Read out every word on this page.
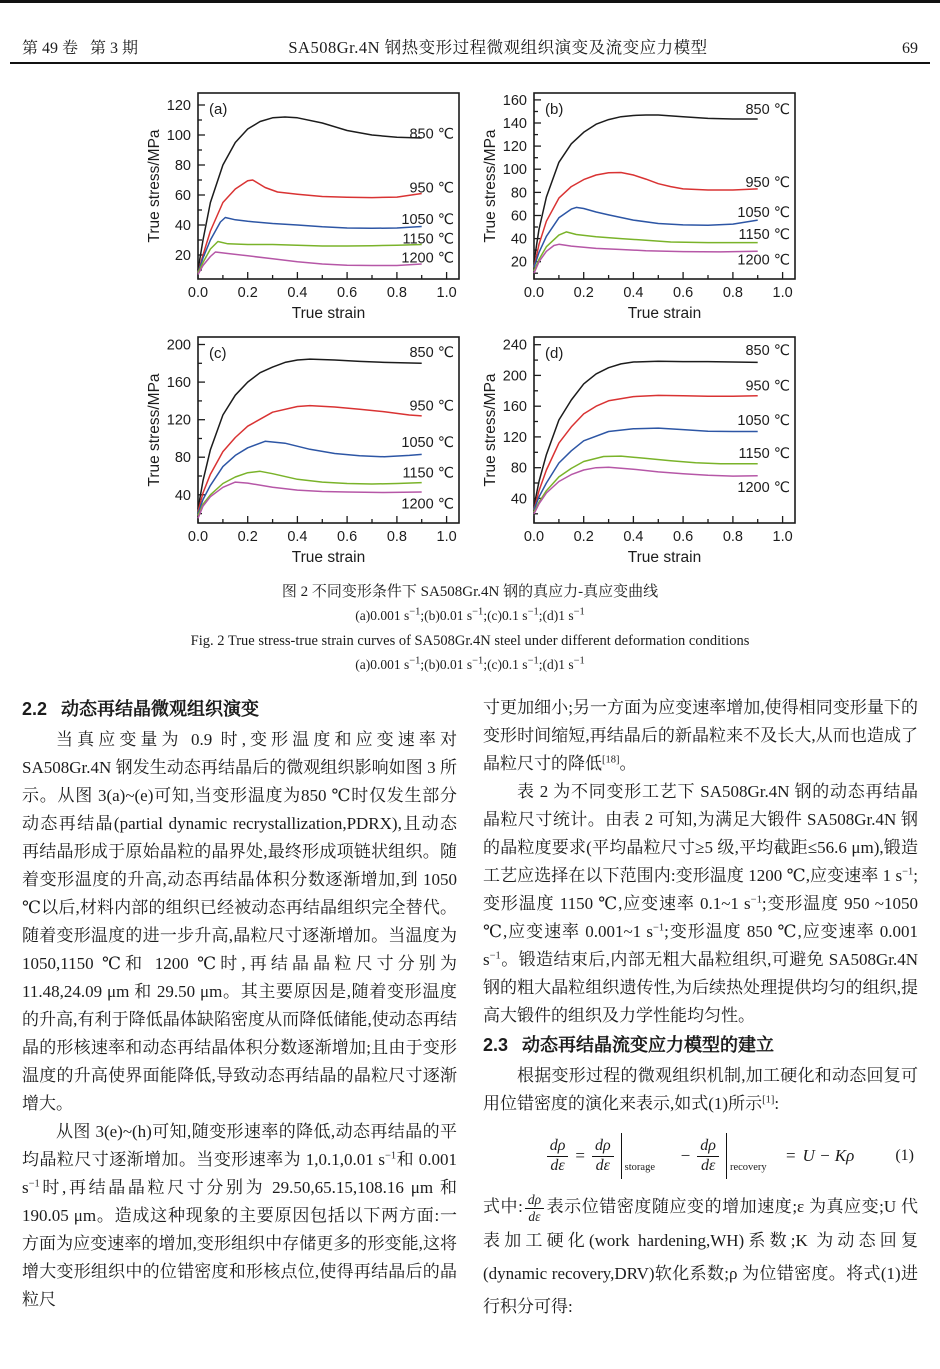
第 49 卷   第 3 期	SA508Gr.4N 钢热变形过程微观组织演变及流变应力模型	69
0.0 0.2 0.4 0.6 0.8 1.0
20
40
60
80
100
120
True strain
True stress/MPa
(a)
850 ℃
950 ℃
1050 ℃
1150 ℃
1200 ℃
0.0 0.2 0.4 0.6 0.8 1.0
20
40
60
80
100
120
140
160
True strain
True stress/MPa
(b)	850 ℃
950 ℃
1050 ℃
1150 ℃
1200 ℃
0.0 0.2 0.4 0.6 0.8 1.0
40
80
120
160
200
True strain
True stress/MPa
(c)	850 ℃
950 ℃
1050 ℃
1150 ℃
1200 ℃
0.0 0.2 0.4 0.6 0.8 1.0
40
80
120
160
200
240
True strain
True stress/MPa
(d)	850 ℃
950 ℃
1050 ℃
1150 ℃
1200 ℃
图 2 不同变形条件下 SA508Gr.4N 钢的真应力-真应变曲线
(a)0.001 $s^{-1};(b)0.01$ $s^{-1};(c)0.1$ $s^{-1};(d)1$ $s^{-1}$
Fig. 2 True stress-true strain curves of SA508Gr.4N steel under different deformation conditions
(a)0.001 $s^{-1};(b)0.01$ $s^{-1};(c)0.1$ $s^{-1};(d)1$ $s^{-1}$
2.2 动态再结晶微观组织演变

当真应变量为 0.9 时,变形温度和应变速率对 SA508Gr.4N 钢发生动态再结晶后的微观组织影响如图 3 所示。从图 3(a)~(e)可知,当变形温度为850 ℃时仅发生部分动态再结晶(partial dynamic recrystallization,PDRX),且动态再结晶形成于原始晶粒的晶界处,最终形成项链状组织。随着变形温度的升高,动态再结晶体积分数逐渐增加,到 1050 ℃以后,材料内部的组织已经被动态再结晶组织完全替代。随着变形温度的进一步升高,晶粒尺寸逐渐增加。当温度为 1050,1150 ℃和 1200 ℃时,再结晶晶粒尺寸分别为 11.48,24.09 μm 和 29.50 μm。其主要原因是,随着变形温度的升高,有利于降低晶体缺陷密度从而降低储能,使动态再结晶的形核速率和动态再结晶体积分数逐渐增加;且由于变形温度的升高使界面能降低,导致动态再结晶的晶粒尺寸逐渐增大。

从图 3(e)~(h)可知,随变形速率的降低,动态再结晶的平均晶粒尺寸逐渐增加。当变形速率为 1,0.1,0.01 $s^{-1}$和 0.001 $s^{-1}$时,再结晶晶粒尺寸分别为 29.50,65.15,108.16 μm 和 190.05 μm。造成这种现象的主要原因包括以下两方面:一方面为应变速率的增加,变形组织中存储更多的形变能,这将增大变形组织中的位错密度和形核点位,使得再结晶后的晶粒尺

寸更加细小;另一方面为应变速率增加,使得相同变形量下的变形时间缩短,再结晶后的新晶粒来不及长大,从而也造成了晶粒尺寸的降低[18]。

表 2 为不同变形工艺下 SA508Gr.4N 钢的动态再结晶晶粒尺寸统计。由表 2 可知,为满足大锻件 SA508Gr.4N 钢的晶粒度要求(平均晶粒尺寸≥5 级,平均截距≤56.6 μm),锻造工艺应选择在以下范围内:变形温度 1200 ℃,应变速率 1 $s^{-1}$;变形温度 1150 ℃,应变速率 0.1~1 $s^{-1}$;变形温度 950 ~1050 ℃,应变速率 0.001~1 $s^{-1}$;变形温度 850 ℃,应变速率 0.001 $s^{-1}$。锻造结束后,内部无粗大晶粒组织,可避免 SA508Gr.4N 钢的粗大晶粒组织遗传性,为后续热处理提供均匀的组织,提高大锻件的组织及力学性能均匀性。

2.3 动态再结晶流变应力模型的建立

根据变形过程的微观组织机制,加工硬化和动态回复可用位错密度的演化来表示,如式(1)所示[1]:

$\frac{d\rho}{d\varepsilon} = \frac{d\rho}{d\varepsilon}$ storage
− $\frac{d\rho}{d\varepsilon}$ recovery
= U − Kρ	(1)

式中: $\frac{d\rho}{d\varepsilon}$ 表示位错密度随应变的增加速度;ε 为真应变;U 代表加工硬化(work hardening,WH)系数;K 为动态回复(dynamic recovery,DRV)软化系数;ρ 为位错密度。将式(1)进行积分可得:
